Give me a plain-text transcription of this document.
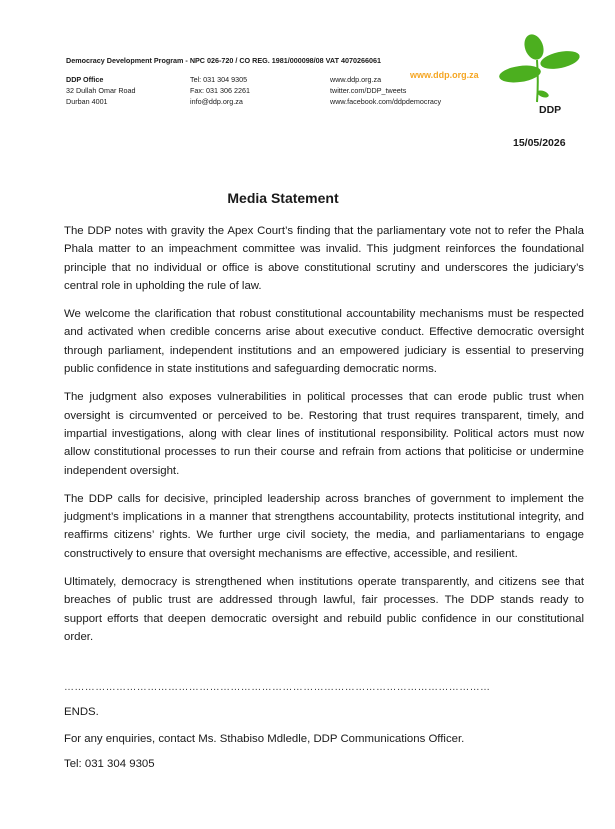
Democracy Development Program - NPC 026-720 / CO REG. 1981/000098/08 VAT 4070266061
DDP Office
32 Dullah Omar Road
Durban 4001
Tel: 031 304 9305
Fax: 031 306 2261
info@ddp.org.za
www.ddp.org.za
twitter.com/DDP_tweets
www.facebook.com/ddpdemocracy
www.ddp.org.za
DDP
15/05/2026
Media Statement

The DDP notes with gravity the Apex Court’s finding that the parliamentary vote not to refer the Phala Phala matter to an impeachment committee was invalid. This judgment reinforces the foundational principle that no individual or office is above constitutional scrutiny and underscores the judiciary’s central role in upholding the rule of law.

We welcome the clarification that robust constitutional accountability mechanisms must be respected and activated when credible concerns arise about executive conduct. Effective democratic oversight through parliament, independent institutions and an empowered judiciary is essential to preserving public confidence in state institutions and safeguarding democratic norms.

The judgment also exposes vulnerabilities in political processes that can erode public trust when oversight is circumvented or perceived to be. Restoring that trust requires transparent, timely, and impartial investigations, along with clear lines of institutional responsibility. Political actors must now allow constitutional processes to run their course and refrain from actions that politicise or undermine independent oversight.

The DDP calls for decisive, principled leadership across branches of government to implement the judgment’s implications in a manner that strengthens accountability, protects institutional integrity, and reaffirms citizens’ rights. We further urge civil society, the media, and parliamentarians to engage constructively to ensure that oversight mechanisms are effective, accessible, and resilient.

Ultimately, democracy is strengthened when institutions operate transparently, and citizens see that breaches of public trust are addressed through lawful, fair processes. The DDP stands ready to support efforts that deepen democratic oversight and rebuild public confidence in our constitutional order.

……………………………………………………………………………………………………………
ENDS.
For any enquiries, contact Ms. Sthabiso Mdledle, DDP Communications Officer.
Tel: 031 304 9305
